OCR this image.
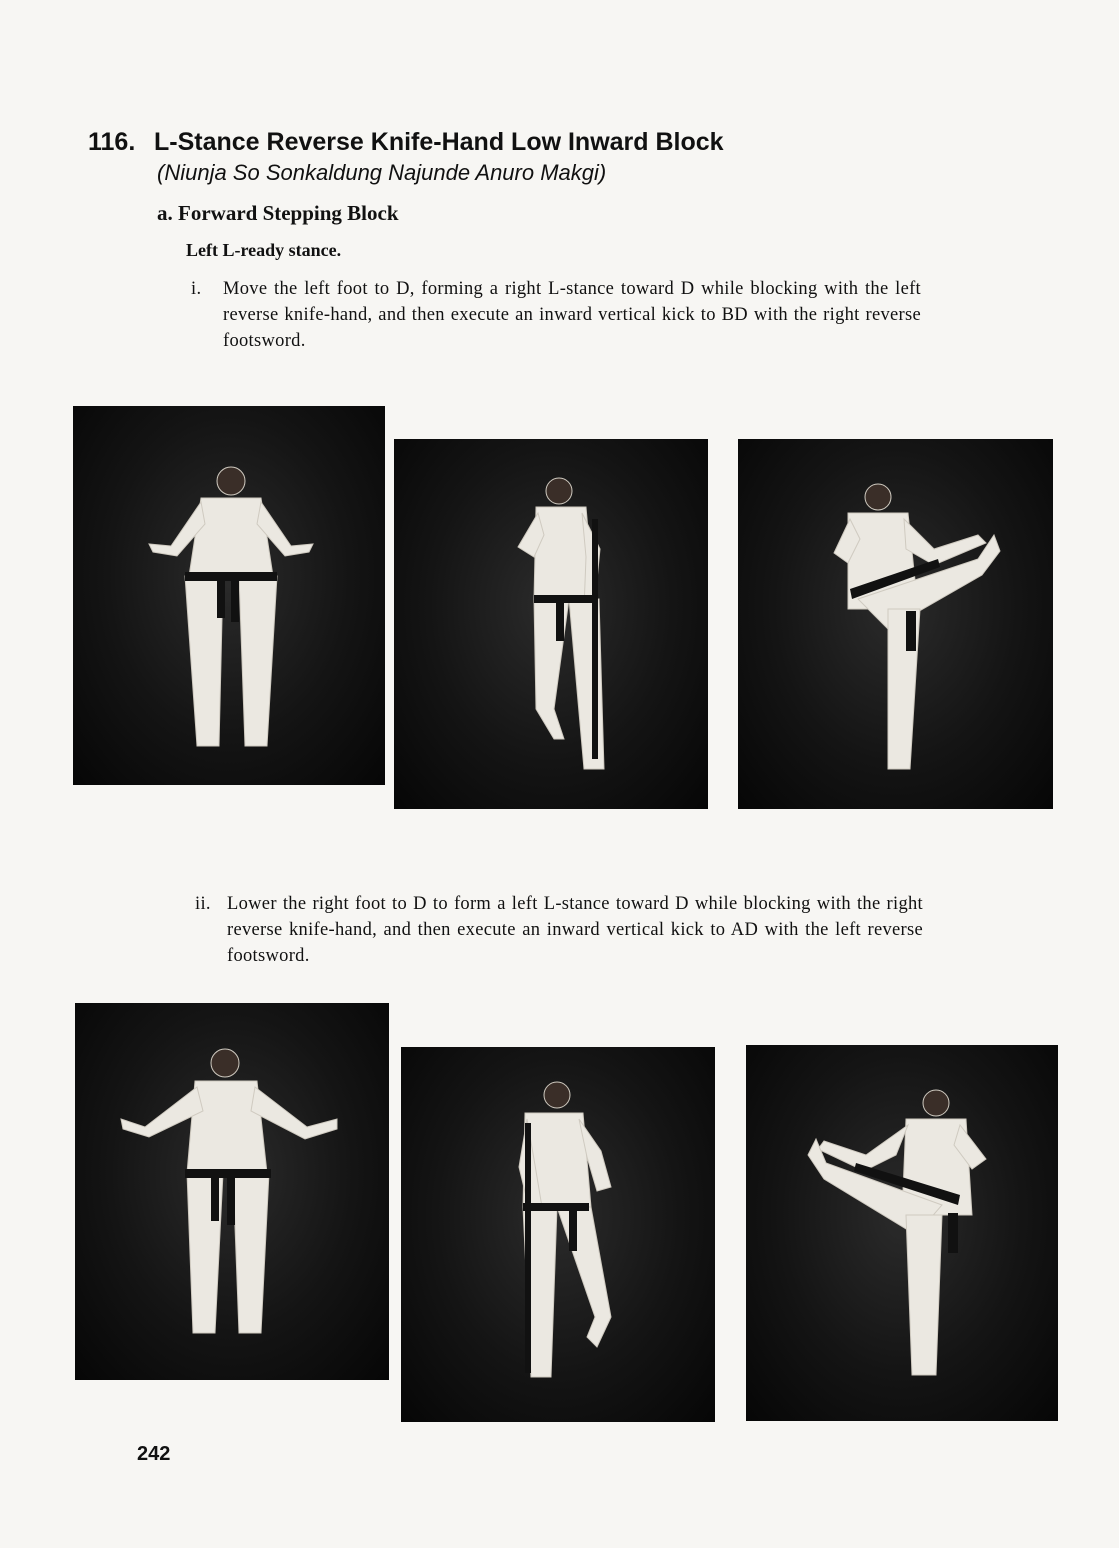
116. L-Stance Reverse Knife-Hand Low Inward Block
(Niunja So Sonkaldung Najunde Anuro Makgi)
a. Forward Stepping Block
Left L-ready stance.
i.	Move the left foot to D, forming a right L-stance toward D while blocking with the left reverse knife-hand, and then execute an inward vertical kick to BD with the right reverse footsword.
ii. Lower the right foot to D to form a left L-stance toward D while blocking with the right reverse knife-hand, and then execute an inward vertical kick to AD with the left reverse footsword.
242
